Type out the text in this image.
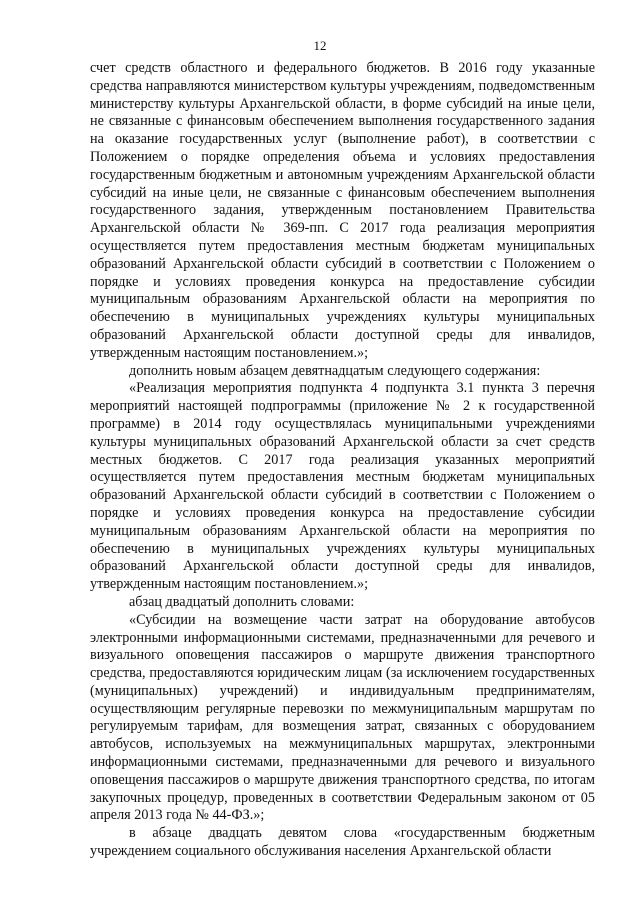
12

счет средств областного и федерального бюджетов. В 2016 году указанные средства направляются министерством культуры учреждениям, подведомственным министерству культуры Архангельской области, в форме субсидий на иные цели, не связанные с финансовым обеспечением выполнения государственного задания на оказание государственных услуг (выполнение работ), в соответствии с Положением о порядке определения объема и условиях предоставления государственным бюджетным и автономным учреждениям Архангельской области субсидий на иные цели, не связанные с финансовым обеспечением выполнения государственного задания, утвержденным постановлением Правительства Архангельской области № 369-пп. С 2017 года реализация мероприятия осуществляется путем предоставления местным бюджетам муниципальных образований Архангельской области субсидий в соответствии с Положением о порядке и условиях проведения конкурса на предоставление субсидии муниципальным образованиям Архангельской области на мероприятия по обеспечению в муниципальных учреждениях культуры муниципальных образований Архангельской области доступной среды для инвалидов, утвержденным настоящим постановлением.»;

дополнить новым абзацем девятнадцатым следующего содержания:

«Реализация мероприятия подпункта 4 подпункта 3.1 пункта 3 перечня мероприятий настоящей подпрограммы (приложение № 2 к государственной программе) в 2014 году осуществлялась муниципальными учреждениями культуры муниципальных образований Архангельской области за счет средств местных бюджетов. С 2017 года реализация указанных мероприятий осуществляется путем предоставления местным бюджетам муниципальных образований Архангельской области субсидий в соответствии с Положением о порядке и условиях проведения конкурса на предоставление субсидии муниципальным образованиям Архангельской области на мероприятия по обеспечению в муниципальных учреждениях культуры муниципальных образований Архангельской области доступной среды для инвалидов, утвержденным настоящим постановлением.»;

абзац двадцатый дополнить словами:

«Субсидии на возмещение части затрат на оборудование автобусов электронными информационными системами, предназначенными для речевого и визуального оповещения пассажиров о маршруте движения транспортного средства, предоставляются юридическим лицам (за исключением государственных (муниципальных) учреждений) и индивидуальным предпринимателям, осуществляющим регулярные перевозки по межмуниципальным маршрутам по регулируемым тарифам, для возмещения затрат, связанных с оборудованием автобусов, используемых на межмуниципальных маршрутах, электронными информационными системами, предназначенными для речевого и визуального оповещения пассажиров о маршруте движения транспортного средства, по итогам закупочных процедур, проведенных в соответствии Федеральным законом от 05 апреля 2013 года № 44-ФЗ.»;

в абзаце двадцать девятом слова «государственным бюджетным учреждением социального обслуживания населения Архангельской области
